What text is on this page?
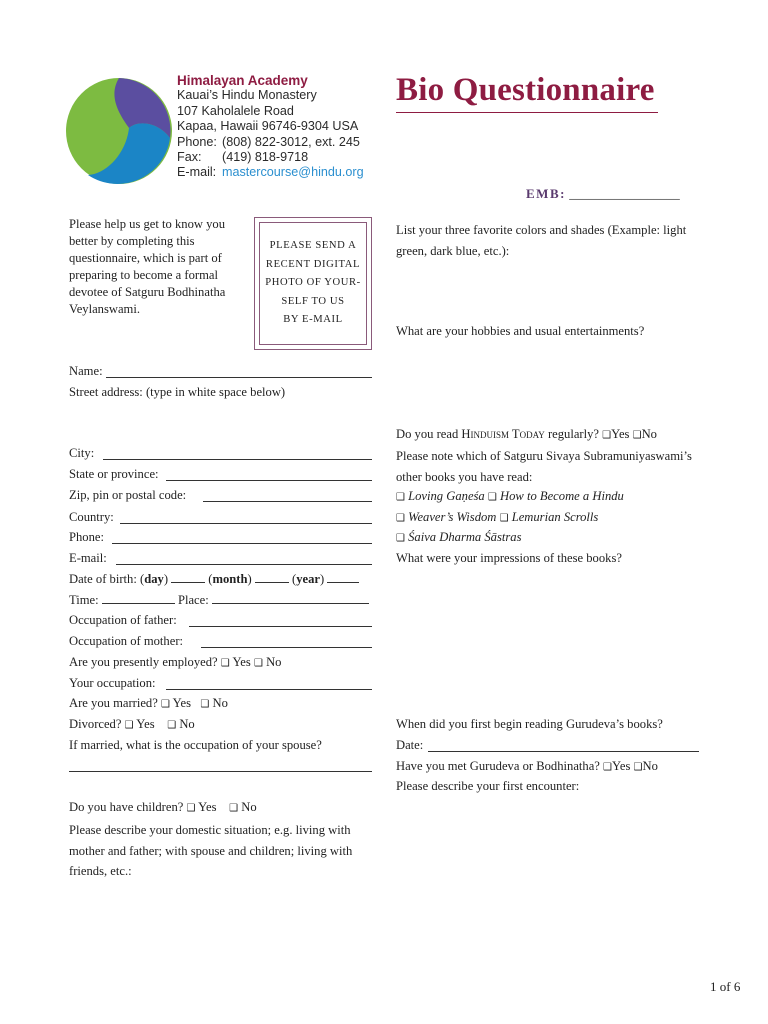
Himalayan Academy
Kauai’s Hindu Monastery
107 Kaholalele Road
Kapaa, Hawaii 96746-9304 USA
Phone: (808) 822-3012, ext. 245
Fax: (419) 818-9718
E-mail: mastercourse@hindu.org
Bio Questionnaire
EMB: _________________
Please help us get to know you better by completing this questionnaire, which is part of preparing to become a formal devotee of Satguru Bodhinatha Veylanswami.
PLEASE SEND A
RECENT DIGITAL
PHOTO OF YOUR-
SELF TO US
BY E-MAIL
Name:
Street address: (type in white space below)
City:
State or province:
Zip, pin or postal code:
Country:
Phone:
E-mail:
Date of birth: (day)	(month)	(year)
Time:	Place:
Occupation of father:
Occupation of mother:
Are you presently employed? ❑ Yes ❑ No
Your occupation:
Are you married? ❑ Yes ❑ No
Divorced? ❑ Yes ❑ No
If married, what is the occupation of your spouse?
Do you have children? ❑ Yes ❑ No
Please describe your domestic situation; e.g. living with mother and father; with spouse and children; living with friends, etc.:
List your three favorite colors and shades (Example: light green, dark blue, etc.):
What are your hobbies and usual entertainments?
Do you read Hinduism Today regularly? ❑Yes ❑No
Please note which of Satguru Sivaya Subramuniyaswami’s other books you have read:
❑ Loving Gaṇeśa ❑ How to Become a Hindu
❑ Weaver’s Wisdom ❑ Lemurian Scrolls
❑ Śaiva Dharma Śāstras
What were your impressions of these books?
When did you first begin reading Gurudeva’s books?
Date:
Have you met Gurudeva or Bodhinatha? ❑Yes ❑No
Please describe your first encounter:
1 of 6
